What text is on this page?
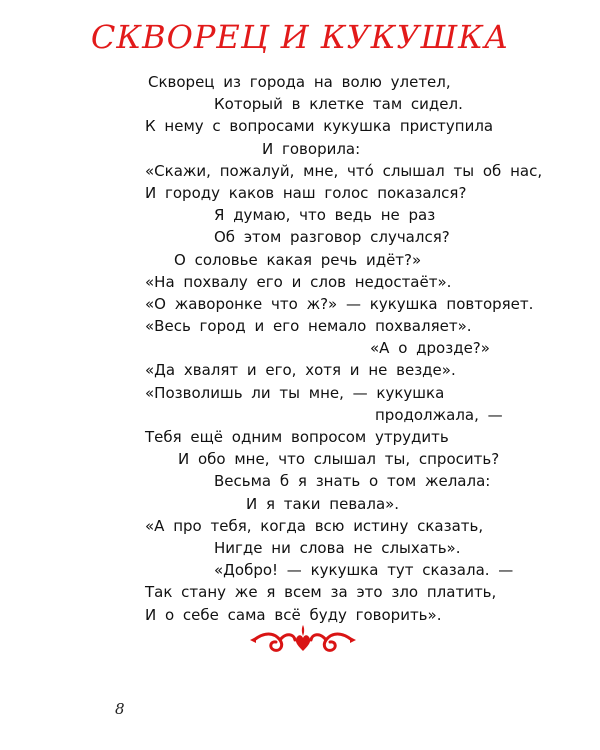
СКВОРЕЦ И КУКУШКА
Скворец из города на волю улетел,
Который в клетке там сидел.
К нему с вопросами кукушка приступила
И говорила:
«Скажи, пожалуй, мне, что́ слышал ты об нас,
И городу каков наш голос показался?
Я думаю, что ведь не раз
Об этом разговор случался?
О соловье какая речь идёт?»
«На похвалу его и слов недостаёт».
«О жаворонке что ж?» — кукушка повторяет.
«Весь город и его немало похваляет».
«А о дрозде?»
«Да хвалят и его, хотя и не везде».
«Позволишь ли ты мне, — кукушка
продолжала, —
Тебя ещё одним вопросом утрудить
И обо мне, что слышал ты, спросить?
Весьма б я знать о том желала:
И я таки певала».
«А про тебя, когда всю истину сказать,
Нигде ни слова не слыхать».
«Добро! — кукушка тут сказала. —
Так стану же я всем за это зло платить,
И о себе сама всё буду говорить».
8
